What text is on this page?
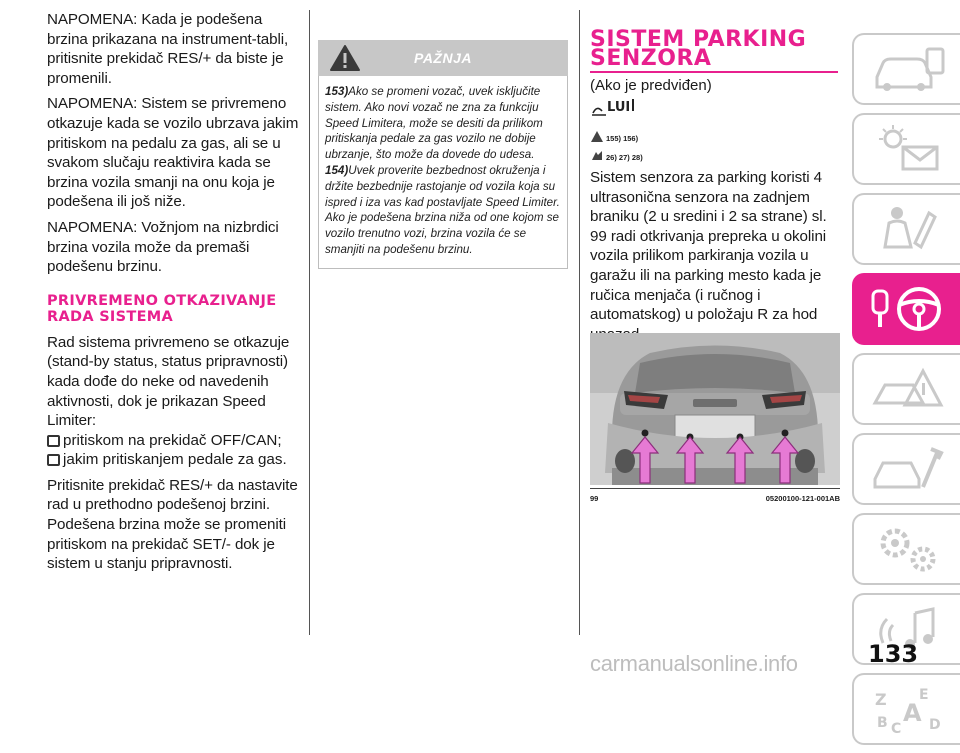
NAPOMENA: Kada je podešena brzina prikazana na instrument-tabli, pritisnite prekidač RES/+ da biste je promenili.

NAPOMENA: Sistem se privremeno otkazuje kada se vozilo ubrzava jakim pritiskom na pedalu za gas, ali se u svakom slučaju reaktivira kada se brzina vozila smanji na onu koja je podešena ili još niže.

NAPOMENA: Vožnjom na nizbrdici brzina vozila može da premaši podešenu brzinu.

PRIVREMENO OTKAZIVANJE RADA SISTEMA

Rad sistema privremeno se otkazuje (stand-by status, status pripravnosti) kada dođe do neke od navedenih aktivnosti, dok je prikazan Speed Limiter:

pritiskom na prekidač OFF/CAN;
jakim pritiskanjem pedale za gas.

Pritisnite prekidač RES/+ da nastavite rad u prethodno podešenoj brzini. Podešena brzina može se promeniti pritiskom na prekidač SET/- dok je sistem u stanju pripravnosti.

PAŽNJA

153)Ako se promeni vozač, uvek isključite sistem. Ako novi vozač ne zna za funkciju Speed Limitera, može se desiti da prilikom pritiskanja pedale za gas vozilo ne dobije ubrzanje, što može da dovede do udesa.

154)Uvek proverite bezbednost okruženja i držite bezbednije rastojanje od vozila koja su ispred i iza vas kad postavljate Speed Limiter. Ako je podešena brzina niža od one kojom se vozilo trenutno vozi, brzina vozila će se smanjiti na podešenu brzinu.

SISTEM PARKING
SENZORA
(Ako je predviđen)
LUI
155) 156)
26) 27) 28)

Sistem senzora za parking koristi 4 ultrasonična senzora na zadnjem braniku (2 u sredini i 2 sa strane) sl. 99 radi otkrivanja prepreka u okolini vozila prilikom parkiranja vozila u garažu ili na parking mesto kada je ručica menjača (i ručnog i automatskog) u položaju R za hod

99	05200100-121-001AB
Z E
A
B C D
133
carmanualsonline.info
